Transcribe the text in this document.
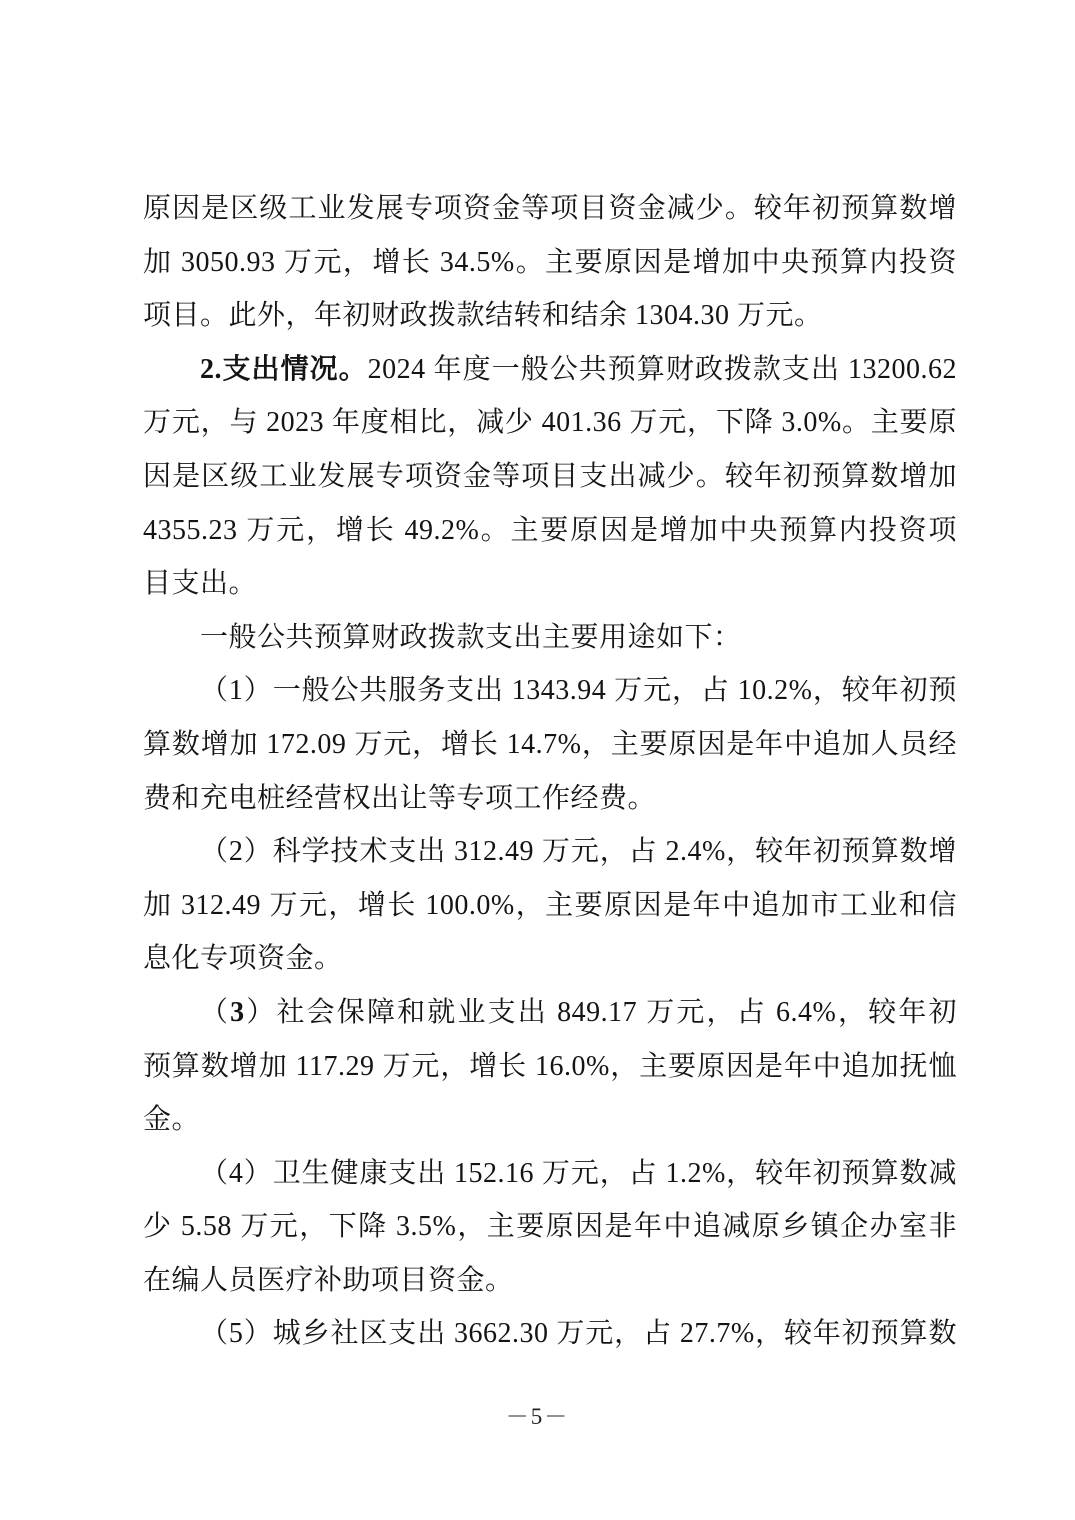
原因是区级工业发展专项资金等项目资金减少。较年初预算数增
加 3050.93 万元，增长 34.5%。主要原因是增加中央预算内投资
项目。此外，年初财政拨款结转和结余 1304.30 万元。
2.支出情况。2024 年度一般公共预算财政拨款支出 13200.62
万元，与 2023 年度相比，减少 401.36 万元，下降 3.0%。主要原
因是区级工业发展专项资金等项目支出减少。较年初预算数增加
4355.23 万元，增长 49.2%。主要原因是增加中央预算内投资项
目支出。
一般公共预算财政拨款支出主要用途如下：
（1）一般公共服务支出 1343.94 万元，占 10.2%，较年初预
算数增加 172.09 万元，增长 14.7%，主要原因是年中追加人员经
费和充电桩经营权出让等专项工作经费。
（2）科学技术支出 312.49 万元，占 2.4%，较年初预算数增
加 312.49 万元，增长 100.0%，主要原因是年中追加市工业和信
息化专项资金。
（3）社会保障和就业支出 849.17 万元，占 6.4%，较年初
预算数增加 117.29 万元，增长 16.0%，主要原因是年中追加抚恤
金。
（4）卫生健康支出 152.16 万元，占 1.2%，较年初预算数减
少 5.58 万元，下降 3.5%，主要原因是年中追减原乡镇企办室非
在编人员医疗补助项目资金。
（5）城乡社区支出 3662.30 万元，占 27.7%，较年初预算数
－5－
